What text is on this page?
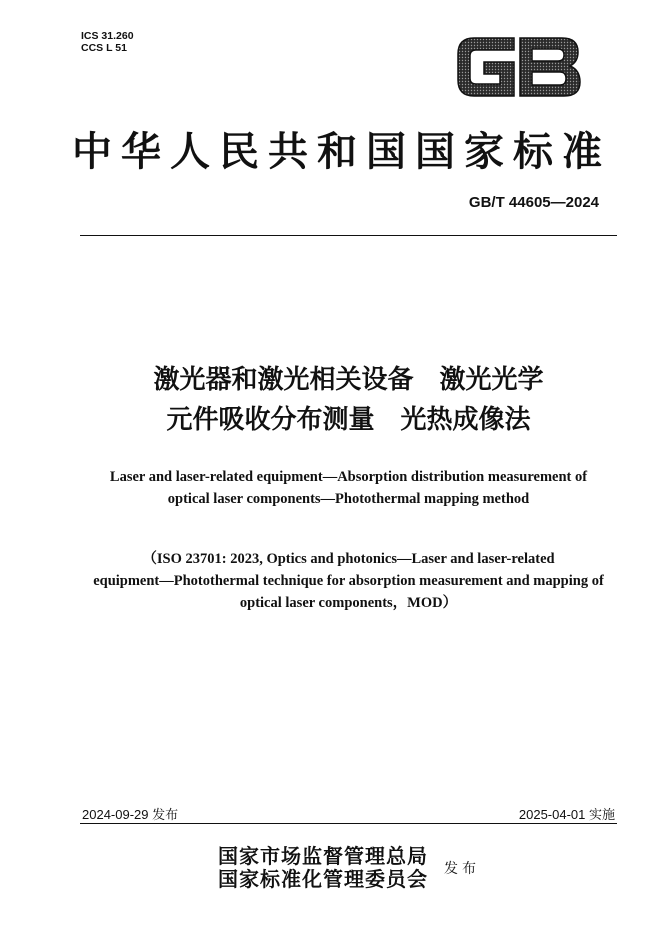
ICS 31.260
CCS L 51
中华人民共和国国家标准
GB/T 44605—2024
激光器和激光相关设备　激光光学
元件吸收分布测量　光热成像法
Laser and laser-related equipment—Absorption distribution measurement of
optical laser components—Photothermal mapping method
（ISO 23701: 2023, Optics and photonics—Laser and laser-related
equipment—Photothermal technique for absorption measurement and mapping of
optical laser components，MOD）
2024-09-29 发布	2025-04-01 实施
国家市场监督管理总局
国家标准化管理委员会 发布
